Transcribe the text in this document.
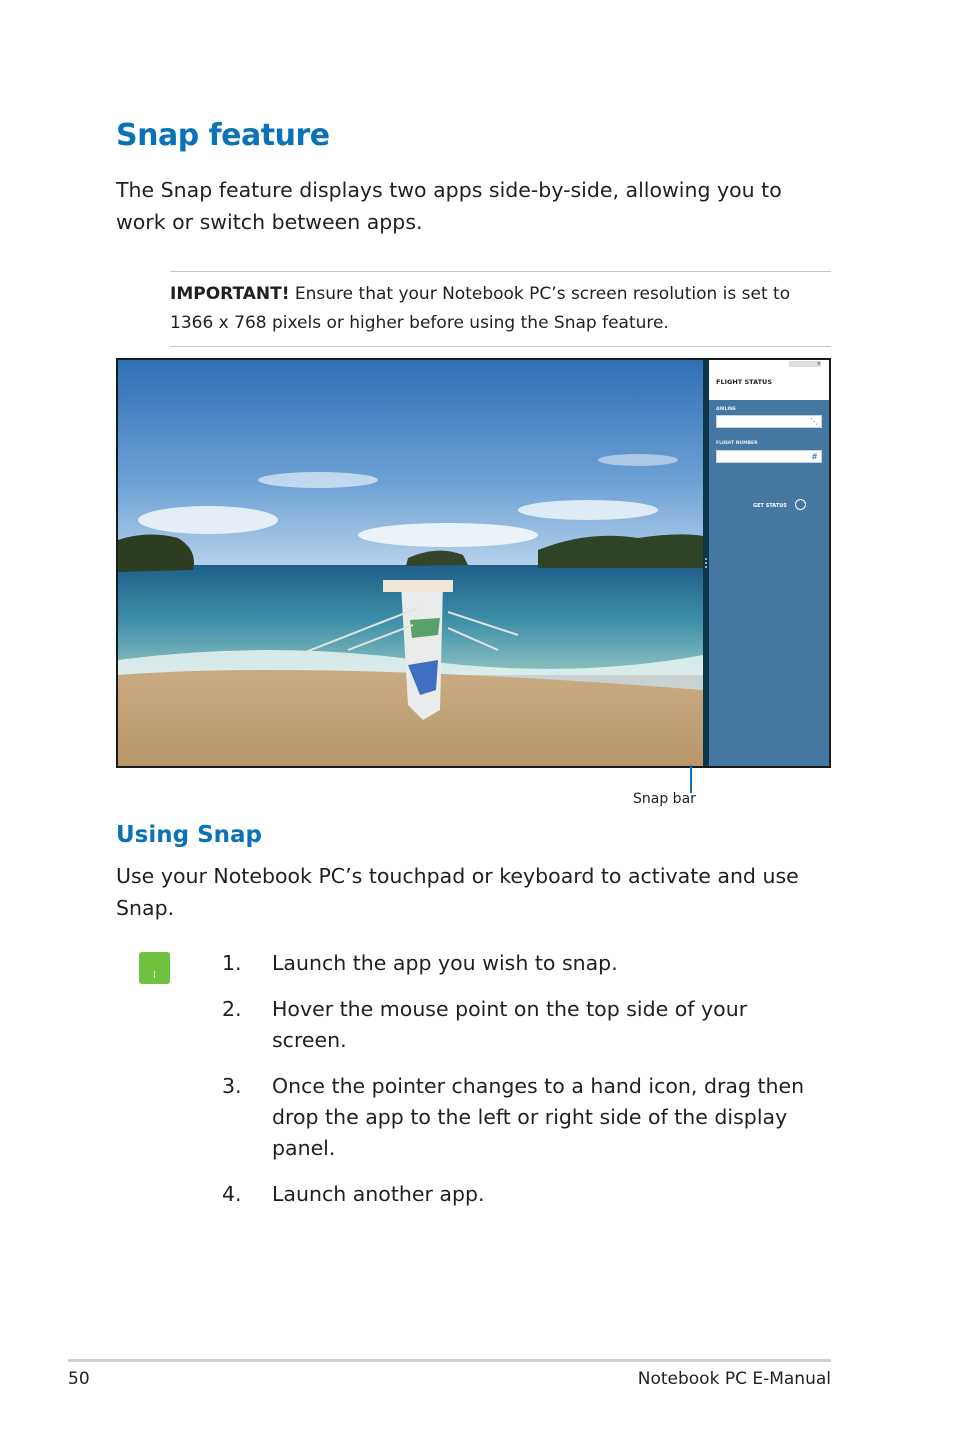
Snap feature
The Snap feature displays two apps side-by-side, allowing you to work or switch between apps.
IMPORTANT! Ensure that your Notebook PC’s screen resolution is set to 1366 x 768 pixels or higher before using the Snap feature.
×
FLIGHT STATUS
AIRLINE
⋱
FLIGHT NUMBER
#
GET STATUS
Snap bar
Using Snap
Use your Notebook PC’s touchpad or keyboard to activate and use Snap.
1. Launch the app you wish to snap.
2. Hover the mouse point on the top side of your screen.
3. Once the pointer changes to a hand icon, drag then drop the app to the left or right side of the display panel.
4. Launch another app.
50	Notebook PC E-Manual
